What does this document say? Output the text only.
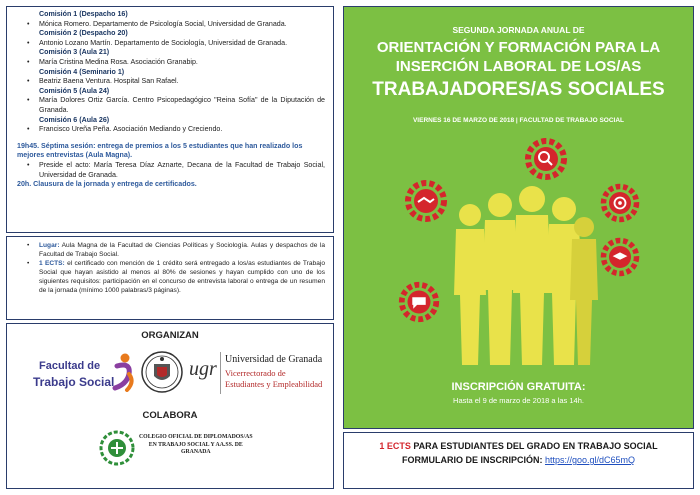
Comisión 1 (Despacho 16)
• Mónica Romero. Departamento de Psicología Social, Universidad de Granada.
Comisión 2 (Despacho 20)
• Antonio Lozano Martín. Departamento de Sociología, Universidad de Granada.
Comisión 3 (Aula 21)
• María Cristina Medina Rosa. Asociación Granabip.
Comisión 4 (Seminario 1)
• Beatriz Baena Ventura. Hospital San Rafael.
Comisión 5 (Aula 24)
• María Dolores Ortiz García. Centro Psicopedagógico "Reina Sofía" de la Diputación de Granada.
Comisión 6 (Aula 26)
• Francisco Ureña Peña. Asociación Mediando y Creciendo.
19h45. Séptima sesión: entrega de premios a los 5 estudiantes que han realizado los mejores entrevistas (Aula Magna).
• Preside el acto: María Teresa Díaz Aznarte, Decana de la Facultad de Trabajo Social, Universidad de Granada.
20h. Clausura de la jornada y entrega de certificados.
• Lugar: Aula Magna de la Facultad de Ciencias Políticas y Sociología. Aulas y despachos de la Facultad de Trabajo Social.
• 1 ECTS: el certificado con mención de 1 crédito será entregado a los/as estudiantes de Trabajo Social que hayan asistido al menos al 80% de sesiones y hayan cumplido con uno de los siguientes requisitos: participación en el concurso de entrevista laboral o entrega de un resumen de la jornada (mínimo 1000 palabras/3 páginas).
ORGANIZAN
Facultad de
Trabajo Social
ugr Universidad de Granada
Vicerrectorado de
Estudiantes y Empleabilidad
COLABORA
COLEGIO OFICIAL DE DIPLOMADOS/AS
EN TRABAJO SOCIAL Y AA.SS. DE
GRANADA
SEGUNDA JORNADA ANUAL DE
ORIENTACIÓN Y FORMACIÓN PARA LA
INSERCIÓN LABORAL DE LOS/AS
TRABAJADORES/AS SOCIALES
VIERNES 16 DE MARZO DE 2018 | FACULTAD DE TRABAJO SOCIAL
INSCRIPCIÓN GRATUITA:
Hasta el 9 de marzo de 2018 a las 14h.
1 ECTS PARA ESTUDIANTES DEL GRADO EN TRABAJO SOCIAL
FORMULARIO DE INSCRIPCIÓN: https://goo.gl/dC65mQ
